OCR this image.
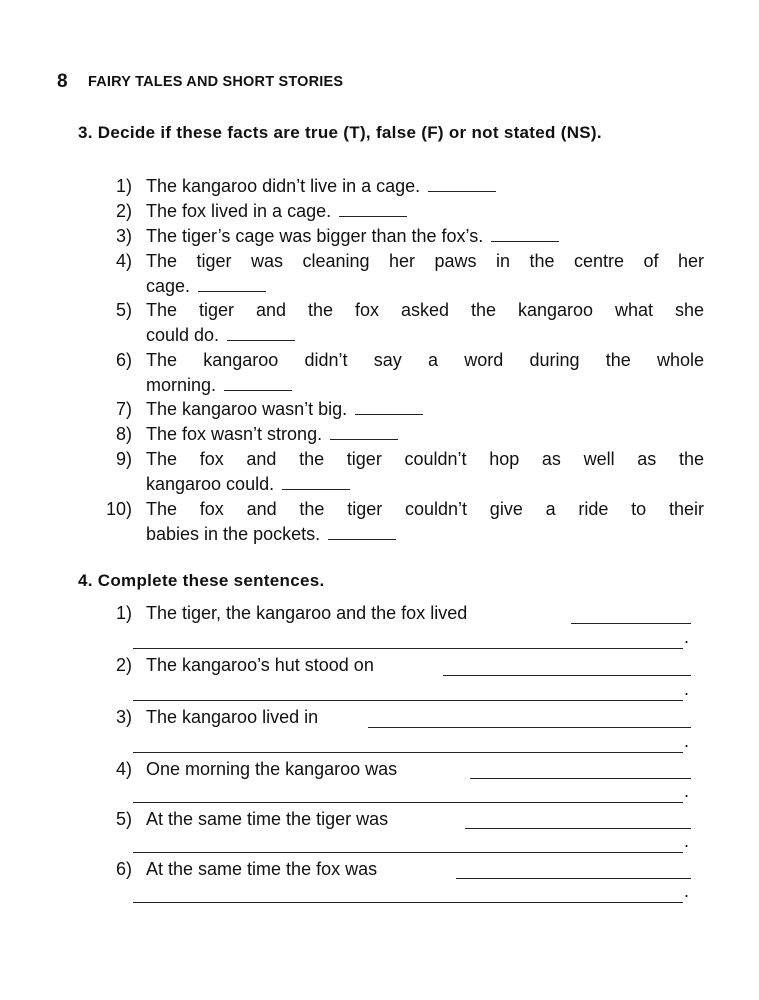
8 FAIRY TALES AND SHORT STORIES
3. Decide if these facts are true (T), false (F) or not stated (NS).
1) The kangaroo didn’t live in a cage.
2) The fox lived in a cage.
3) The tiger’s cage was bigger than the fox’s.
4) The tiger was cleaning her paws in the centre of her
cage.
5) The tiger and the fox asked the kangaroo what she
could do.
6) The kangaroo didn’t say a word during the whole
morning.
7) The kangaroo wasn’t big.
8) The fox wasn’t strong.
9) The fox and the tiger couldn’t hop as well as the
kangaroo could.
10) The fox and the tiger couldn’t give a ride to their
babies in the pockets.
4. Complete these sentences.
1) The tiger, the kangaroo and the fox lived
.
2) The kangaroo’s hut stood on
.
3) The kangaroo lived in
.
4) One morning the kangaroo was
.
5) At the same time the tiger was
.
6) At the same time the fox was
.
